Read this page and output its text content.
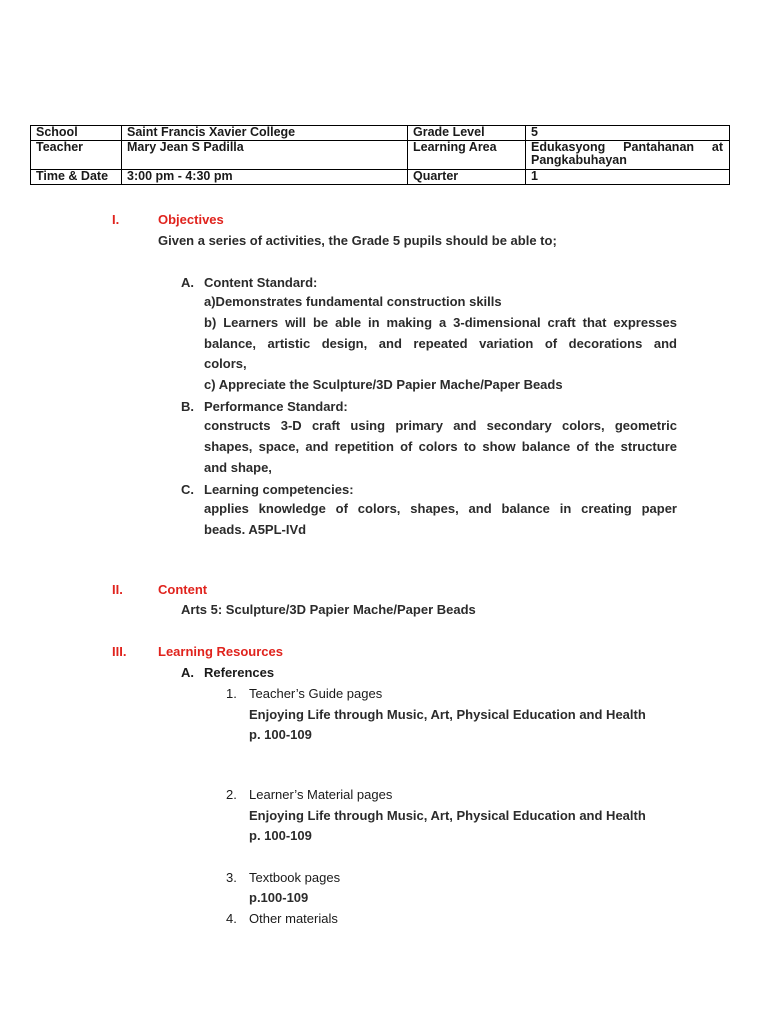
School	Saint Francis Xavier College	Grade Level	5
Teacher	Mary Jean S Padilla	Learning Area	Edukasyong Pantahanan at
Pangkabuhayan

Time & Date	3:00 pm - 4:30 pm	Quarter	1
I.	Objectives
Given a series of activities, the Grade 5 pupils should be able to;
A. Content Standard:
a)Demonstrates fundamental construction skills
b) Learners will be able in making a 3-dimensional craft that expresses
balance, artistic design, and repeated variation of decorations and
colors,
c) Appreciate the Sculpture/3D Papier Mache/Paper Beads
B. Performance Standard:
constructs 3-D craft using primary and secondary colors, geometric
shapes, space, and repetition of colors to show balance of the structure
and shape,
C. Learning competencies:
applies knowledge of colors, shapes, and balance in creating paper
beads. A5PL-IVd
II.	Content
Arts 5: Sculpture/3D Papier Mache/Paper Beads
III. Learning Resources
A. References
1. Teacher’s Guide pages
Enjoying Life through Music, Art, Physical Education and Health
p. 100-109
2. Learner’s Material pages
Enjoying Life through Music, Art, Physical Education and Health
p. 100-109
3. Textbook pages
p.100-109
4. Other materials
